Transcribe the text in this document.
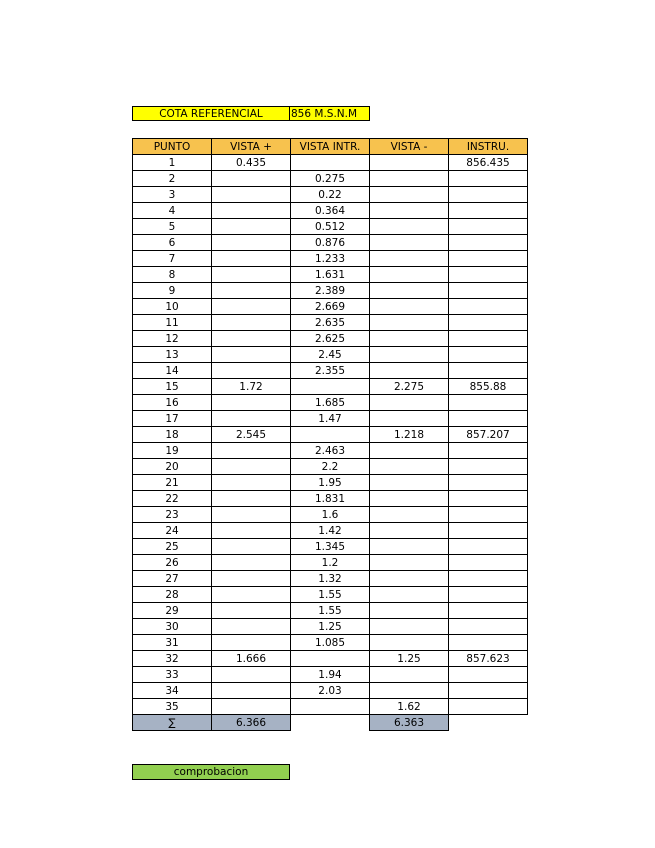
COTA REFERENCIAL	856 M.S.N.M
PUNTO	VISTA +	VISTA INTR.	VISTA -	INSTRU.
1	0.435			856.435
2		0.275		
3		0.22		
4		0.364		
5		0.512		
6		0.876		
7		1.233		
8		1.631		
9		2.389		
10		2.669		
11		2.635		
12		2.625		
13		2.45		
14		2.355		
15	1.72		2.275	855.88
16		1.685		
17		1.47		
18	2.545		1.218	857.207
19		2.463		
20		2.2		
21		1.95		
22		1.831		
23		1.6		
24		1.42		
25		1.345		
26		1.2		
27		1.32		
28		1.55		
29		1.55		
30		1.25		
31		1.085		
32	1.666		1.25	857.623
33		1.94		
34		2.03		
35			1.62	
∑	6.366		6.363	
comprobacion
